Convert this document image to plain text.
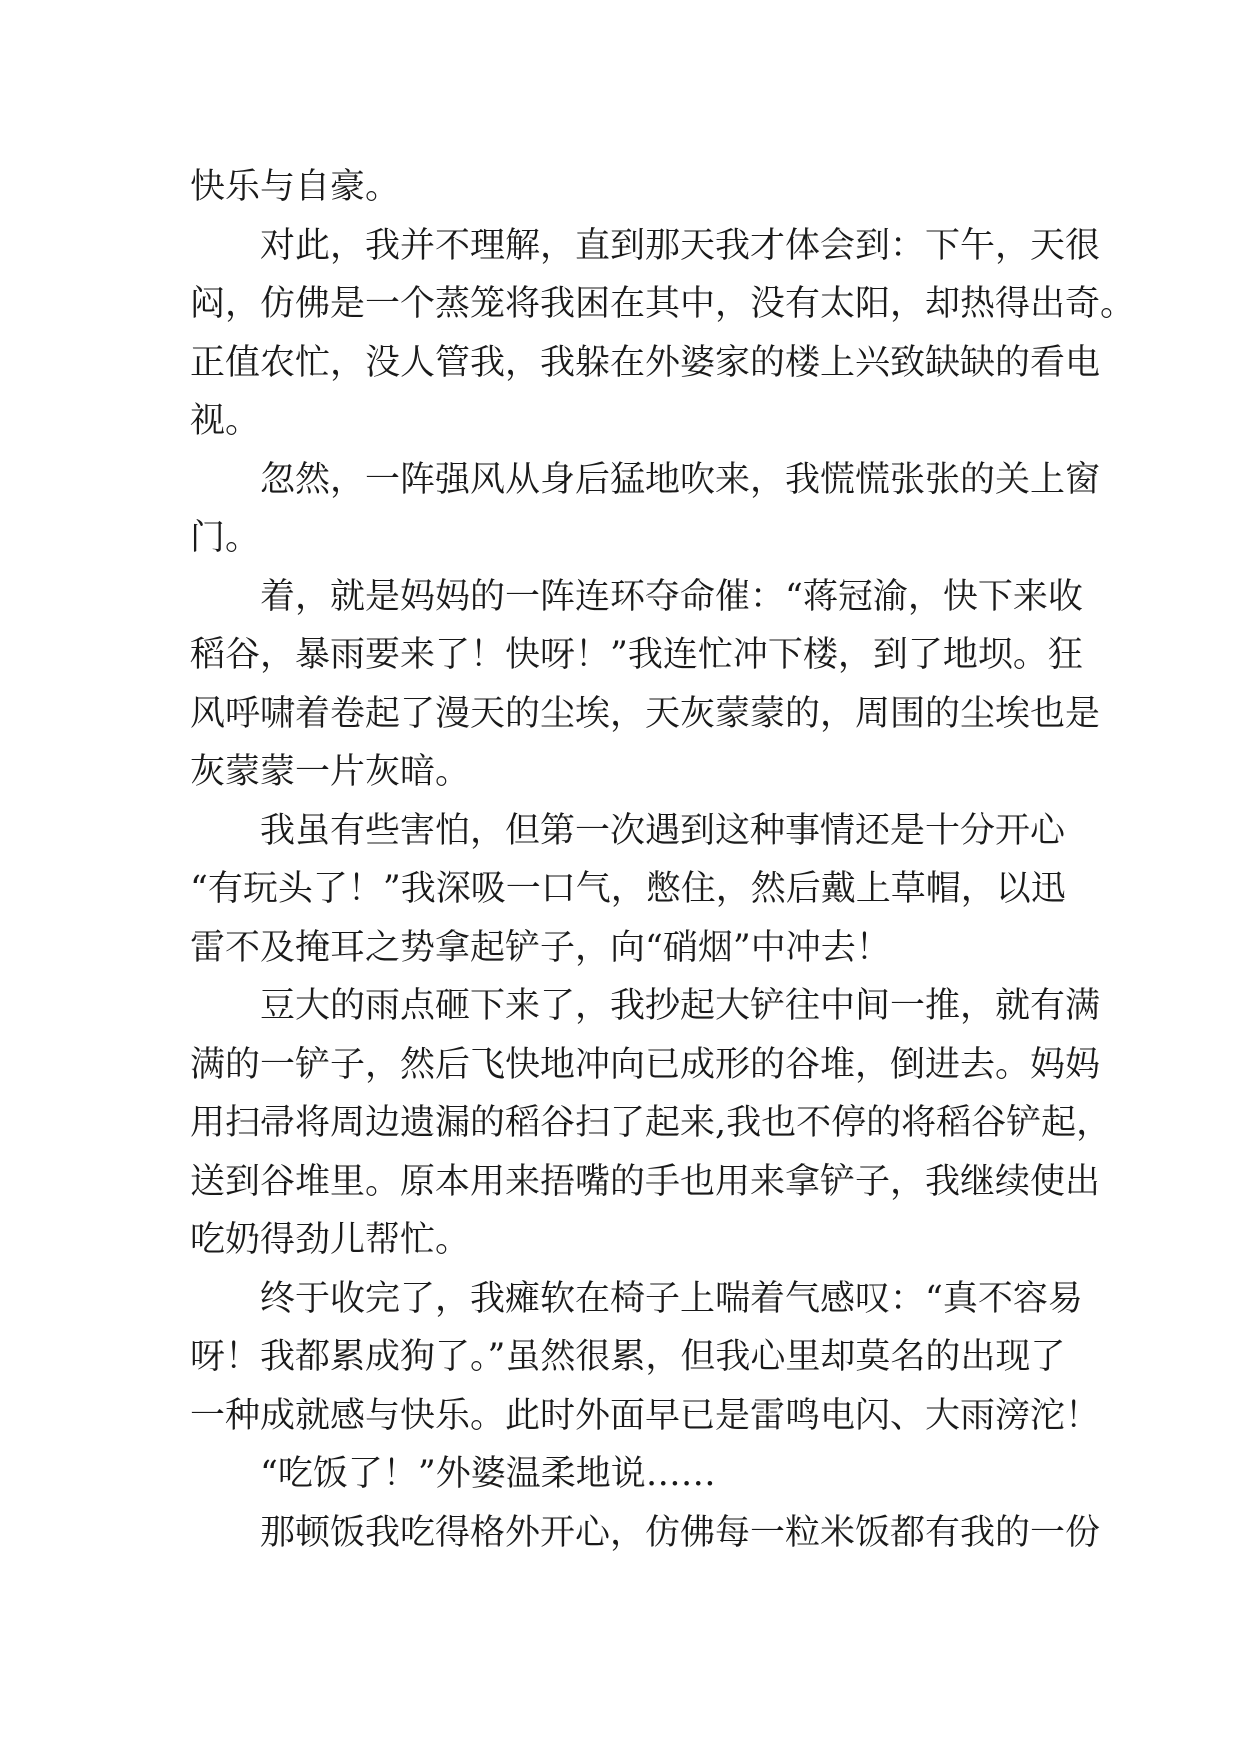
快乐与自豪。
对此，我并不理解，直到那天我才体会到：下午，天很
闷，仿佛是一个蒸笼将我困在其中，没有太阳，却热得出奇。
正值农忙，没人管我，我躲在外婆家的楼上兴致缺缺的看电
视。
忽然，一阵强风从身后猛地吹来，我慌慌张张的关上窗
门。
着，就是妈妈的一阵连环夺命催：“蒋冠渝，快下来收
稻谷，暴雨要来了！快呀！”我连忙冲下楼，到了地坝。狂
风呼啸着卷起了漫天的尘埃，天灰蒙蒙的，周围的尘埃也是
灰蒙蒙一片灰暗。
我虽有些害怕，但第一次遇到这种事情还是十分开心
“有玩头了！”我深吸一口气，憋住，然后戴上草帽，以迅
雷不及掩耳之势拿起铲子，向“硝烟”中冲去！
豆大的雨点砸下来了，我抄起大铲往中间一推，就有满
满的一铲子，然后飞快地冲向已成形的谷堆，倒进去。妈妈
用扫帚将周边遗漏的稻谷扫了起来,我也不停的将稻谷铲起，
送到谷堆里。原本用来捂嘴的手也用来拿铲子，我继续使出
吃奶得劲儿帮忙。
终于收完了，我瘫软在椅子上喘着气感叹：“真不容易
呀！我都累成狗了。”虽然很累，但我心里却莫名的出现了
一种成就感与快乐。此时外面早已是雷鸣电闪、大雨滂沱！
“吃饭了！”外婆温柔地说……
那顿饭我吃得格外开心，仿佛每一粒米饭都有我的一份
